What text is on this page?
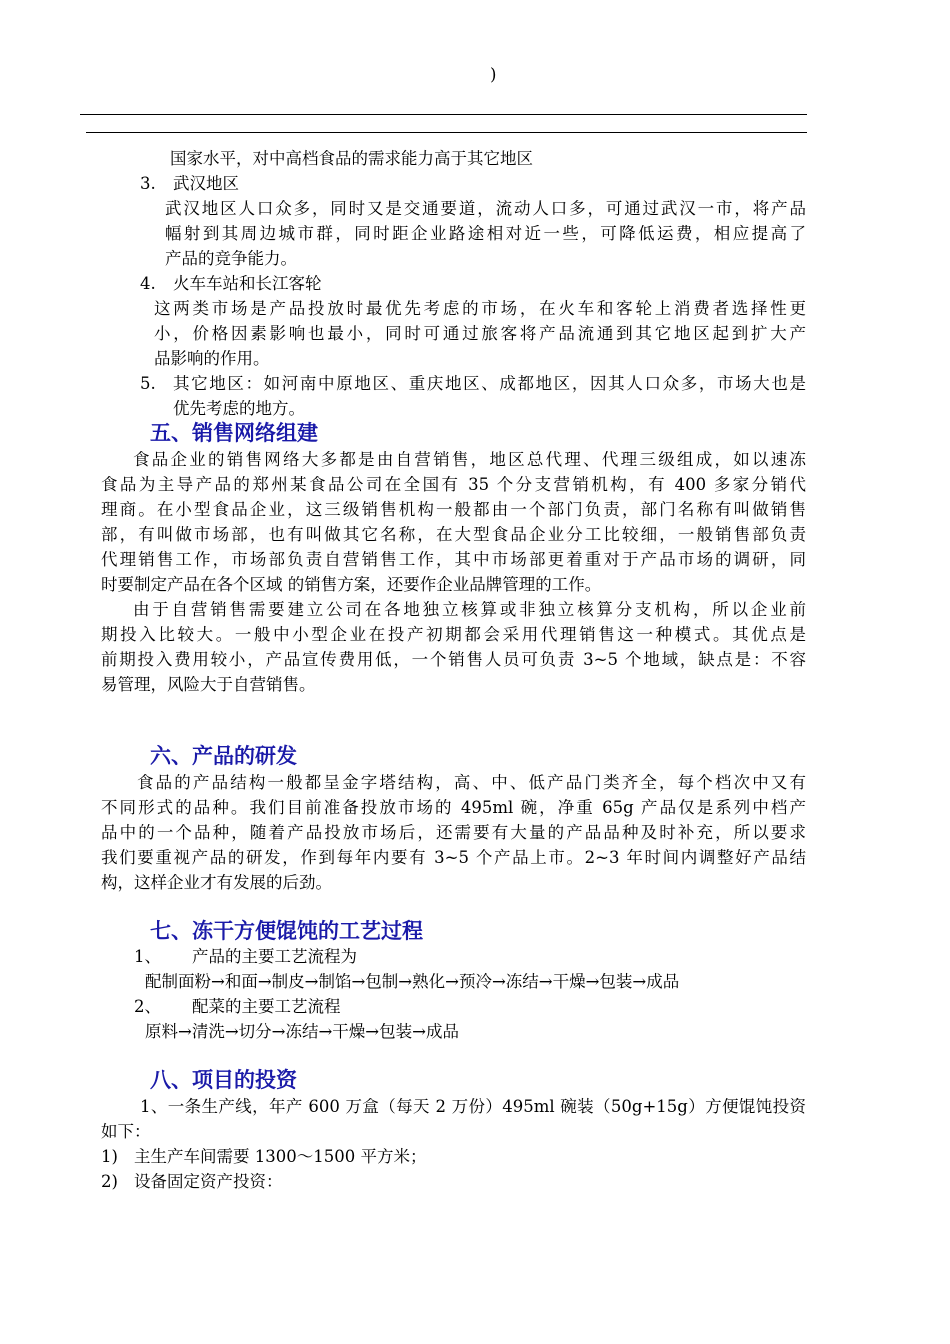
)
国家水平，对中高档食品的需求能力高于其它地区
3. 武汉地区
武汉地区人口众多，同时又是交通要道，流动人口多，可通过武汉一市，将产品
幅射到其周边城市群，同时距企业路途相对近一些，可降低运费，相应提高了
产品的竞争能力。
4. 火车车站和长江客轮
这两类市场是产品投放时最优先考虑的市场，在火车和客轮上消费者选择性更
小，价格因素影响也最小，同时可通过旅客将产品流通到其它地区起到扩大产
品影响的作用。
5. 其它地区：如河南中原地区、重庆地区、成都地区，因其人口众多，市场大也是
优先考虑的地方。
五、销售网络组建
食品企业的销售网络大多都是由自营销售，地区总代理、代理三级组成，如以速冻
食品为主导产品的郑州某食品公司在全国有 35 个分支营销机构，有 400 多家分销代
理商。在小型食品企业，这三级销售机构一般都由一个部门负责，部门名称有叫做销售
部，有叫做市场部，也有叫做其它名称，在大型食品企业分工比较细，一般销售部负责
代理销售工作，市场部负责自营销售工作，其中市场部更着重对于产品市场的调研，同
时要制定产品在各个区域 的销售方案，还要作企业品牌管理的工作。
由于自营销售需要建立公司在各地独立核算或非独立核算分支机构，所以企业前
期投入比较大。一般中小型企业在投产初期都会采用代理销售这一种模式。其优点是
前期投入费用较小，产品宣传费用低，一个销售人员可负责 3~5 个地域，缺点是：不容
易管理，风险大于自营销售。
六、产品的研发
食品的产品结构一般都呈金字塔结构，高、中、低产品门类齐全，每个档次中又有
不同形式的品种。我们目前准备投放市场的 495ml 碗，净重 65g 产品仅是系列中档产
品中的一个品种，随着产品投放市场后，还需要有大量的产品品种及时补充，所以要求
我们要重视产品的研发，作到每年内要有 3~5 个产品上市。2~3 年时间内调整好产品结
构，这样企业才有发展的后劲。
七、冻干方便馄饨的工艺过程
1、 产品的主要工艺流程为
配制面粉→和面→制皮→制馅→包制→熟化→预冷→冻结→干燥→包装→成品
2、 配菜的主要工艺流程
原料→清洗→切分→冻结→干燥→包装→成品
八、项目的投资
1、一条生产线，年产 600 万盒（每天 2 万份）495ml 碗装（50g+15g）方便馄饨投资
如下：
1) 主生产车间需要 1300～1500 平方米；
2) 设备固定资产投资：
